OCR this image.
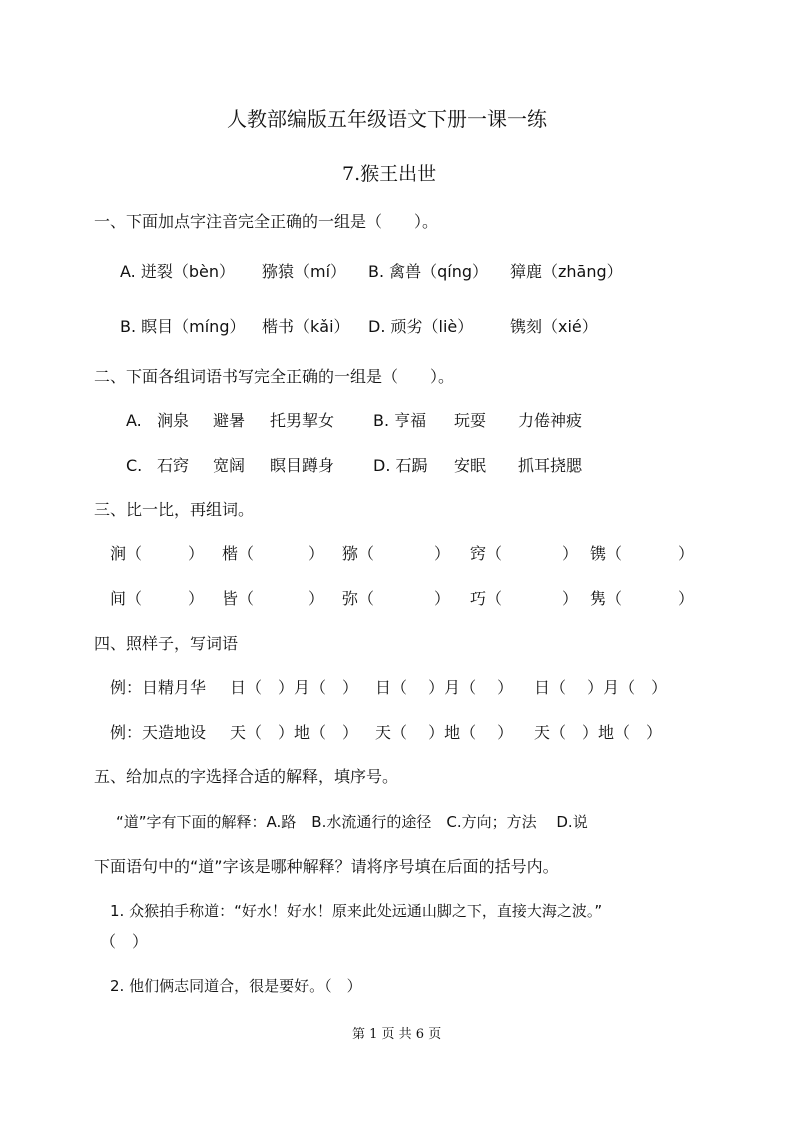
人教部编版五年级语文下册一课一练
7.猴王出世
一、下面加点字注音完全正确的一组是（　　）。
A. 迸裂（bèn） 猕猿（mí） B. 禽兽（qíng） 獐鹿（zhāng）
B. 瞑目（míng） 楷书（kǎi） D. 顽劣（liè） 镌刻（xié）
二、下面各组词语书写完全正确的一组是（　　）。
A. 涧泉 避暑 托男挈女 B. 亨福 玩耍 力倦神疲
C. 石窍 宽阔 瞑目蹲身 D. 石跼 安眠 抓耳挠腮
三、比一比，再组词。
涧（	） 楷（	） 猕（	） 窍（	） 镌（	）
间（	） 皆（	） 弥（	） 巧（	） 隽（	）
四、照样子，写词语
例：日精月华 日（　）月（　） 日（　 ）月（　 ） 日（　 ）月（　）
例：天造地设 天（　）地（　） 天（　 ）地（　 ） 天（　）地（　）
五、给加点的字选择合适的解释，填序号。
“道”字有下面的解释：A.路　B.水流通行的途径　C.方向；方法　 D.说
下面语句中的“道”字该是哪种解释？请将序号填在后面的括号内。
1. 众猴拍手称道：“好水！好水！原来此处远通山脚之下，直接大海之波。”
（　）
2. 他们俩志同道合，很是要好。（　）
第 1 页 共 6 页
